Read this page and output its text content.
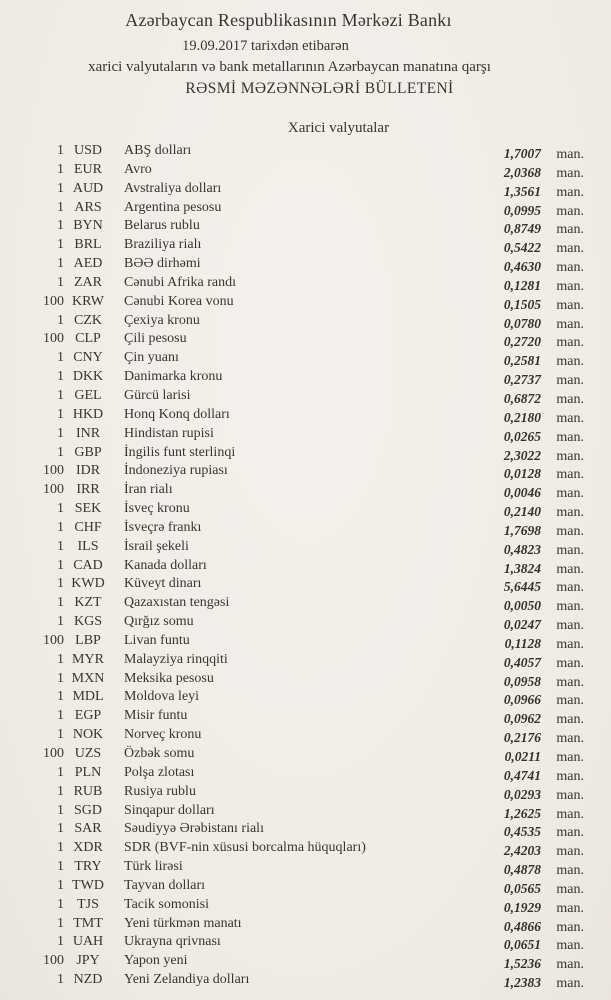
Azərbaycan Respublikasının Mərkəzi Bankı
19.09.2017 tarixdən etibarən
xarici valyutaların və bank metallarının Azərbaycan manatına qarşı
RƏSMİ MƏZƏNNƏLƏRİ BÜLLETENİ
Xarici valyutalar
1 USD	ABŞ dolları	1,7007	man.
1 EUR	Avro	2,0368	man.
1 AUD	Avstraliya dolları	1,3561	man.
1 ARS	Argentina pesosu	0,0995	man.
1 BYN	Belarus rublu	0,8749	man.
1 BRL	Braziliya rialı	0,5422	man.
1 AED	BƏƏ dirhəmi	0,4630	man.
1 ZAR	Cənubi Afrika randı	0,1281	man.
100 KRW	Cənubi Korea vonu	0,1505	man.
1 CZK	Çexiya kronu	0,0780	man.
100 CLP	Çili pesosu	0,2720	man.
1 CNY	Çin yuanı	0,2581	man.
1 DKK	Danimarka kronu	0,2737	man.
1 GEL	Gürcü larisi	0,6872	man.
1 HKD	Honq Konq dolları	0,2180	man.
1 INR	Hindistan rupisi	0,0265	man.
1 GBP	İngilis funt sterlinqi	2,3022	man.
100 IDR	İndoneziya rupiası	0,0128	man.
100 IRR	İran rialı	0,0046	man.
1 SEK	İsveç kronu	0,2140	man.
1 CHF	İsveçrə frankı	1,7698	man.
1 ILS	İsrail şekeli	0,4823	man.
1 CAD	Kanada dolları	1,3824	man.
1 KWD	Küveyt dinarı	5,6445	man.
1 KZT	Qazaxıstan tengəsi	0,0050	man.
1 KGS	Qırğız somu	0,0247	man.
100 LBP	Livan funtu	0,1128	man.
1 MYR	Malayziya rinqqiti	0,4057	man.
1 MXN	Meksika pesosu	0,0958	man.
1 MDL	Moldova leyi	0,0966	man.
1 EGP	Misir funtu	0,0962	man.
1 NOK	Norveç kronu	0,2176	man.
100 UZS	Özbək somu	0,0211	man.
1 PLN	Polşa zlotası	0,4741	man.
1 RUB	Rusiya rublu	0,0293	man.
1 SGD	Sinqapur dolları	1,2625	man.
1 SAR	Səudiyyə Ərəbistanı rialı	0,4535	man.
1 XDR	SDR (BVF-nin xüsusi borcalma hüquqları)	2,4203	man.
1 TRY	Türk lirəsi	0,4878	man.
1 TWD	Tayvan dolları	0,0565	man.
1 TJS	Tacik somonisi	0,1929	man.
1 TMT	Yeni türkmən manatı	0,4866	man.
1 UAH	Ukrayna qrivnası	0,0651	man.
100 JPY	Yapon yeni	1,5236	man.
1 NZD	Yeni Zelandiya dolları	1,2383	man.
